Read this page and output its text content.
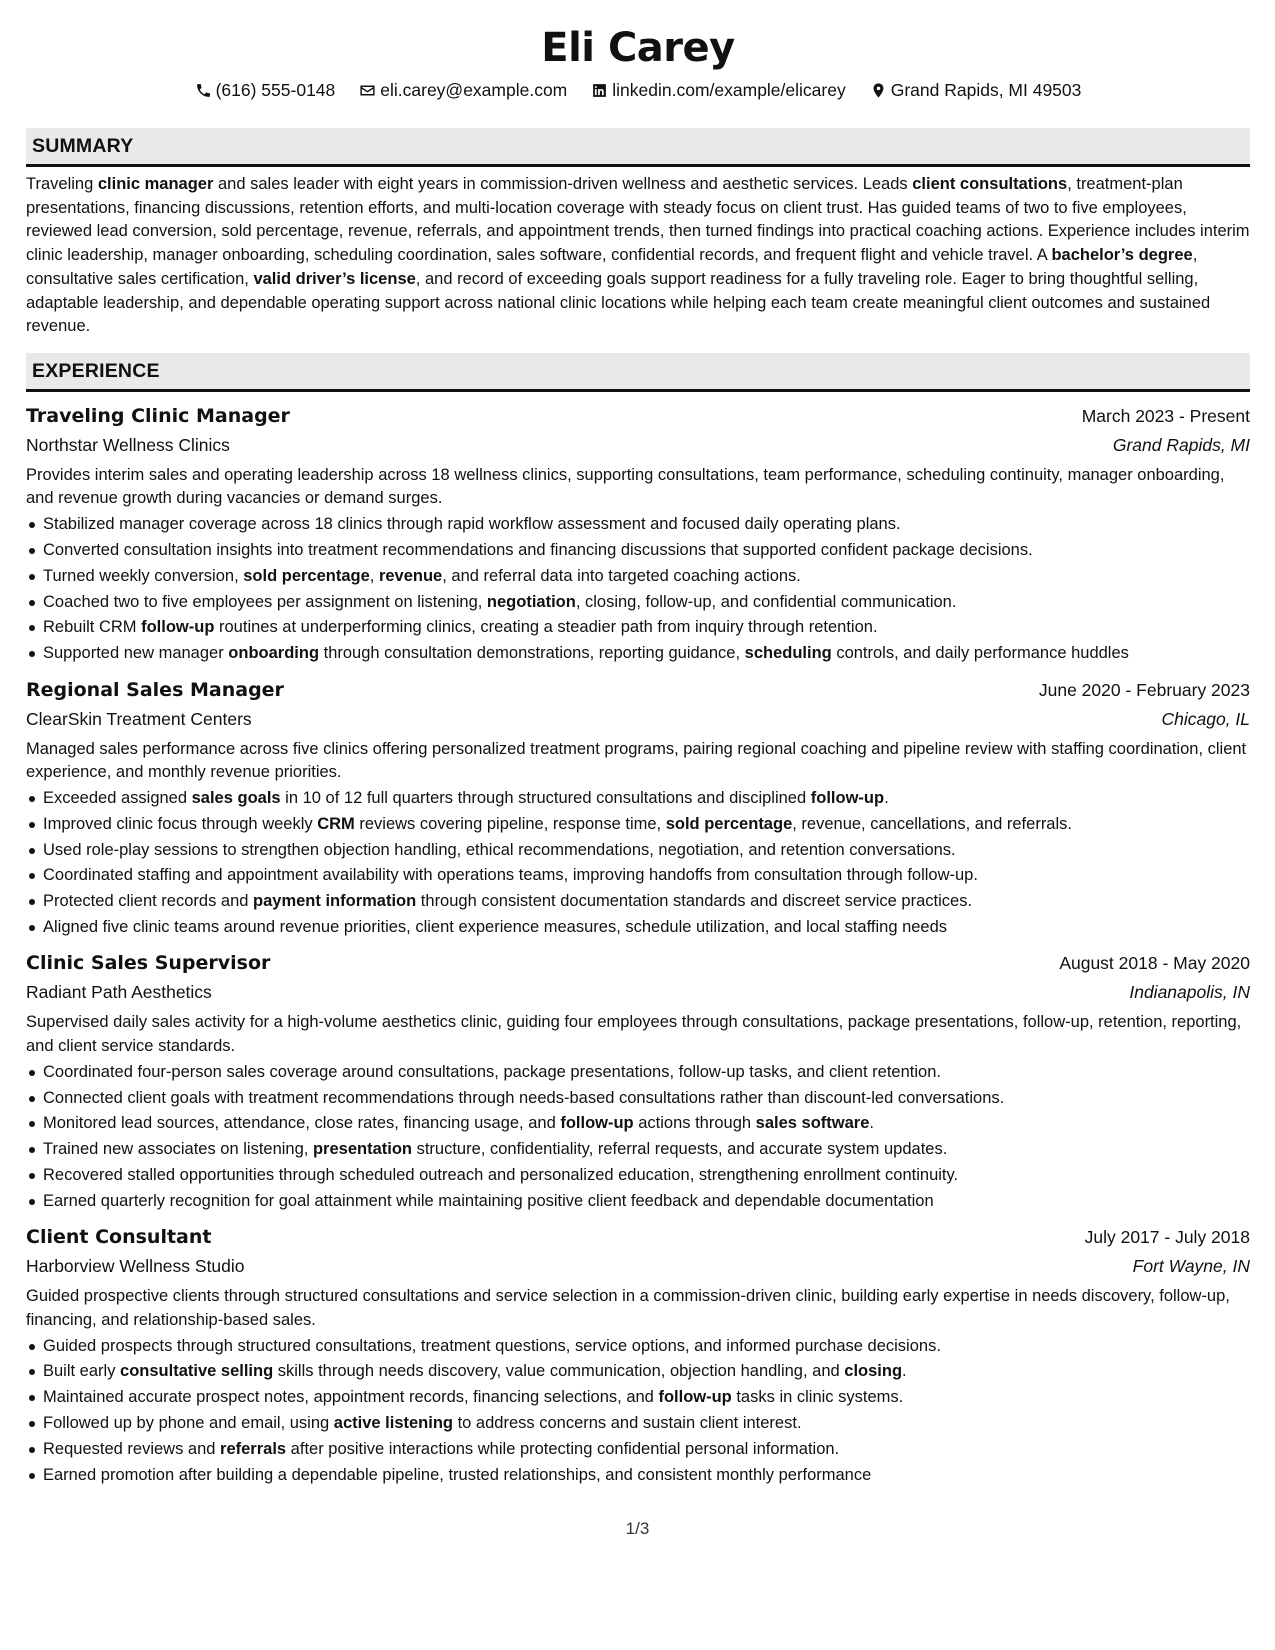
Eli Carey
(616) 555-0148	eli.carey@example.com	linkedin.com/example/elicarey	Grand Rapids, MI 49503
SUMMARY
Traveling clinic manager and sales leader with eight years in commission-driven wellness and aesthetic services. Leads client consultations, treatment-plan presentations, financing discussions, retention efforts, and multi-location coverage with steady focus on client trust. Has guided teams of two to five employees, reviewed lead conversion, sold percentage, revenue, referrals, and appointment trends, then turned findings into practical coaching actions. Experience includes interim clinic leadership, manager onboarding, scheduling coordination, sales software, confidential records, and frequent flight and vehicle travel. A bachelor’s degree, consultative sales certification, valid driver’s license, and record of exceeding goals support readiness for a fully traveling role. Eager to bring thoughtful selling, adaptable leadership, and dependable operating support across national clinic locations while helping each team create meaningful client outcomes and sustained revenue.
EXPERIENCE
Traveling Clinic Manager	March 2023 - Present
Northstar Wellness Clinics	Grand Rapids, MI
Provides interim sales and operating leadership across 18 wellness clinics, supporting consultations, team performance, scheduling continuity, manager onboarding, and revenue growth during vacancies or demand surges.
Stabilized manager coverage across 18 clinics through rapid workflow assessment and focused daily operating plans.
Converted consultation insights into treatment recommendations and financing discussions that supported confident package decisions.
Turned weekly conversion, sold percentage, revenue, and referral data into targeted coaching actions.
Coached two to five employees per assignment on listening, negotiation, closing, follow-up, and confidential communication.
Rebuilt CRM follow-up routines at underperforming clinics, creating a steadier path from inquiry through retention.
Supported new manager onboarding through consultation demonstrations, reporting guidance, scheduling controls, and daily performance huddles
Regional Sales Manager	June 2020 - February 2023
ClearSkin Treatment Centers	Chicago, IL
Managed sales performance across five clinics offering personalized treatment programs, pairing regional coaching and pipeline review with staffing coordination, client experience, and monthly revenue priorities.
Exceeded assigned sales goals in 10 of 12 full quarters through structured consultations and disciplined follow-up.
Improved clinic focus through weekly CRM reviews covering pipeline, response time, sold percentage, revenue, cancellations, and referrals.
Used role-play sessions to strengthen objection handling, ethical recommendations, negotiation, and retention conversations.
Coordinated staffing and appointment availability with operations teams, improving handoffs from consultation through follow-up.
Protected client records and payment information through consistent documentation standards and discreet service practices.
Aligned five clinic teams around revenue priorities, client experience measures, schedule utilization, and local staffing needs
Clinic Sales Supervisor	August 2018 - May 2020
Radiant Path Aesthetics	Indianapolis, IN
Supervised daily sales activity for a high-volume aesthetics clinic, guiding four employees through consultations, package presentations, follow-up, retention, reporting, and client service standards.
Coordinated four-person sales coverage around consultations, package presentations, follow-up tasks, and client retention.
Connected client goals with treatment recommendations through needs-based consultations rather than discount-led conversations.
Monitored lead sources, attendance, close rates, financing usage, and follow-up actions through sales software.
Trained new associates on listening, presentation structure, confidentiality, referral requests, and accurate system updates.
Recovered stalled opportunities through scheduled outreach and personalized education, strengthening enrollment continuity.
Earned quarterly recognition for goal attainment while maintaining positive client feedback and dependable documentation
Client Consultant	July 2017 - July 2018
Harborview Wellness Studio	Fort Wayne, IN
Guided prospective clients through structured consultations and service selection in a commission-driven clinic, building early expertise in needs discovery, follow-up, financing, and relationship-based sales.
Guided prospects through structured consultations, treatment questions, service options, and informed purchase decisions.
Built early consultative selling skills through needs discovery, value communication, objection handling, and closing.
Maintained accurate prospect notes, appointment records, financing selections, and follow-up tasks in clinic systems.
Followed up by phone and email, using active listening to address concerns and sustain client interest.
Requested reviews and referrals after positive interactions while protecting confidential personal information.
Earned promotion after building a dependable pipeline, trusted relationships, and consistent monthly performance
1/3
